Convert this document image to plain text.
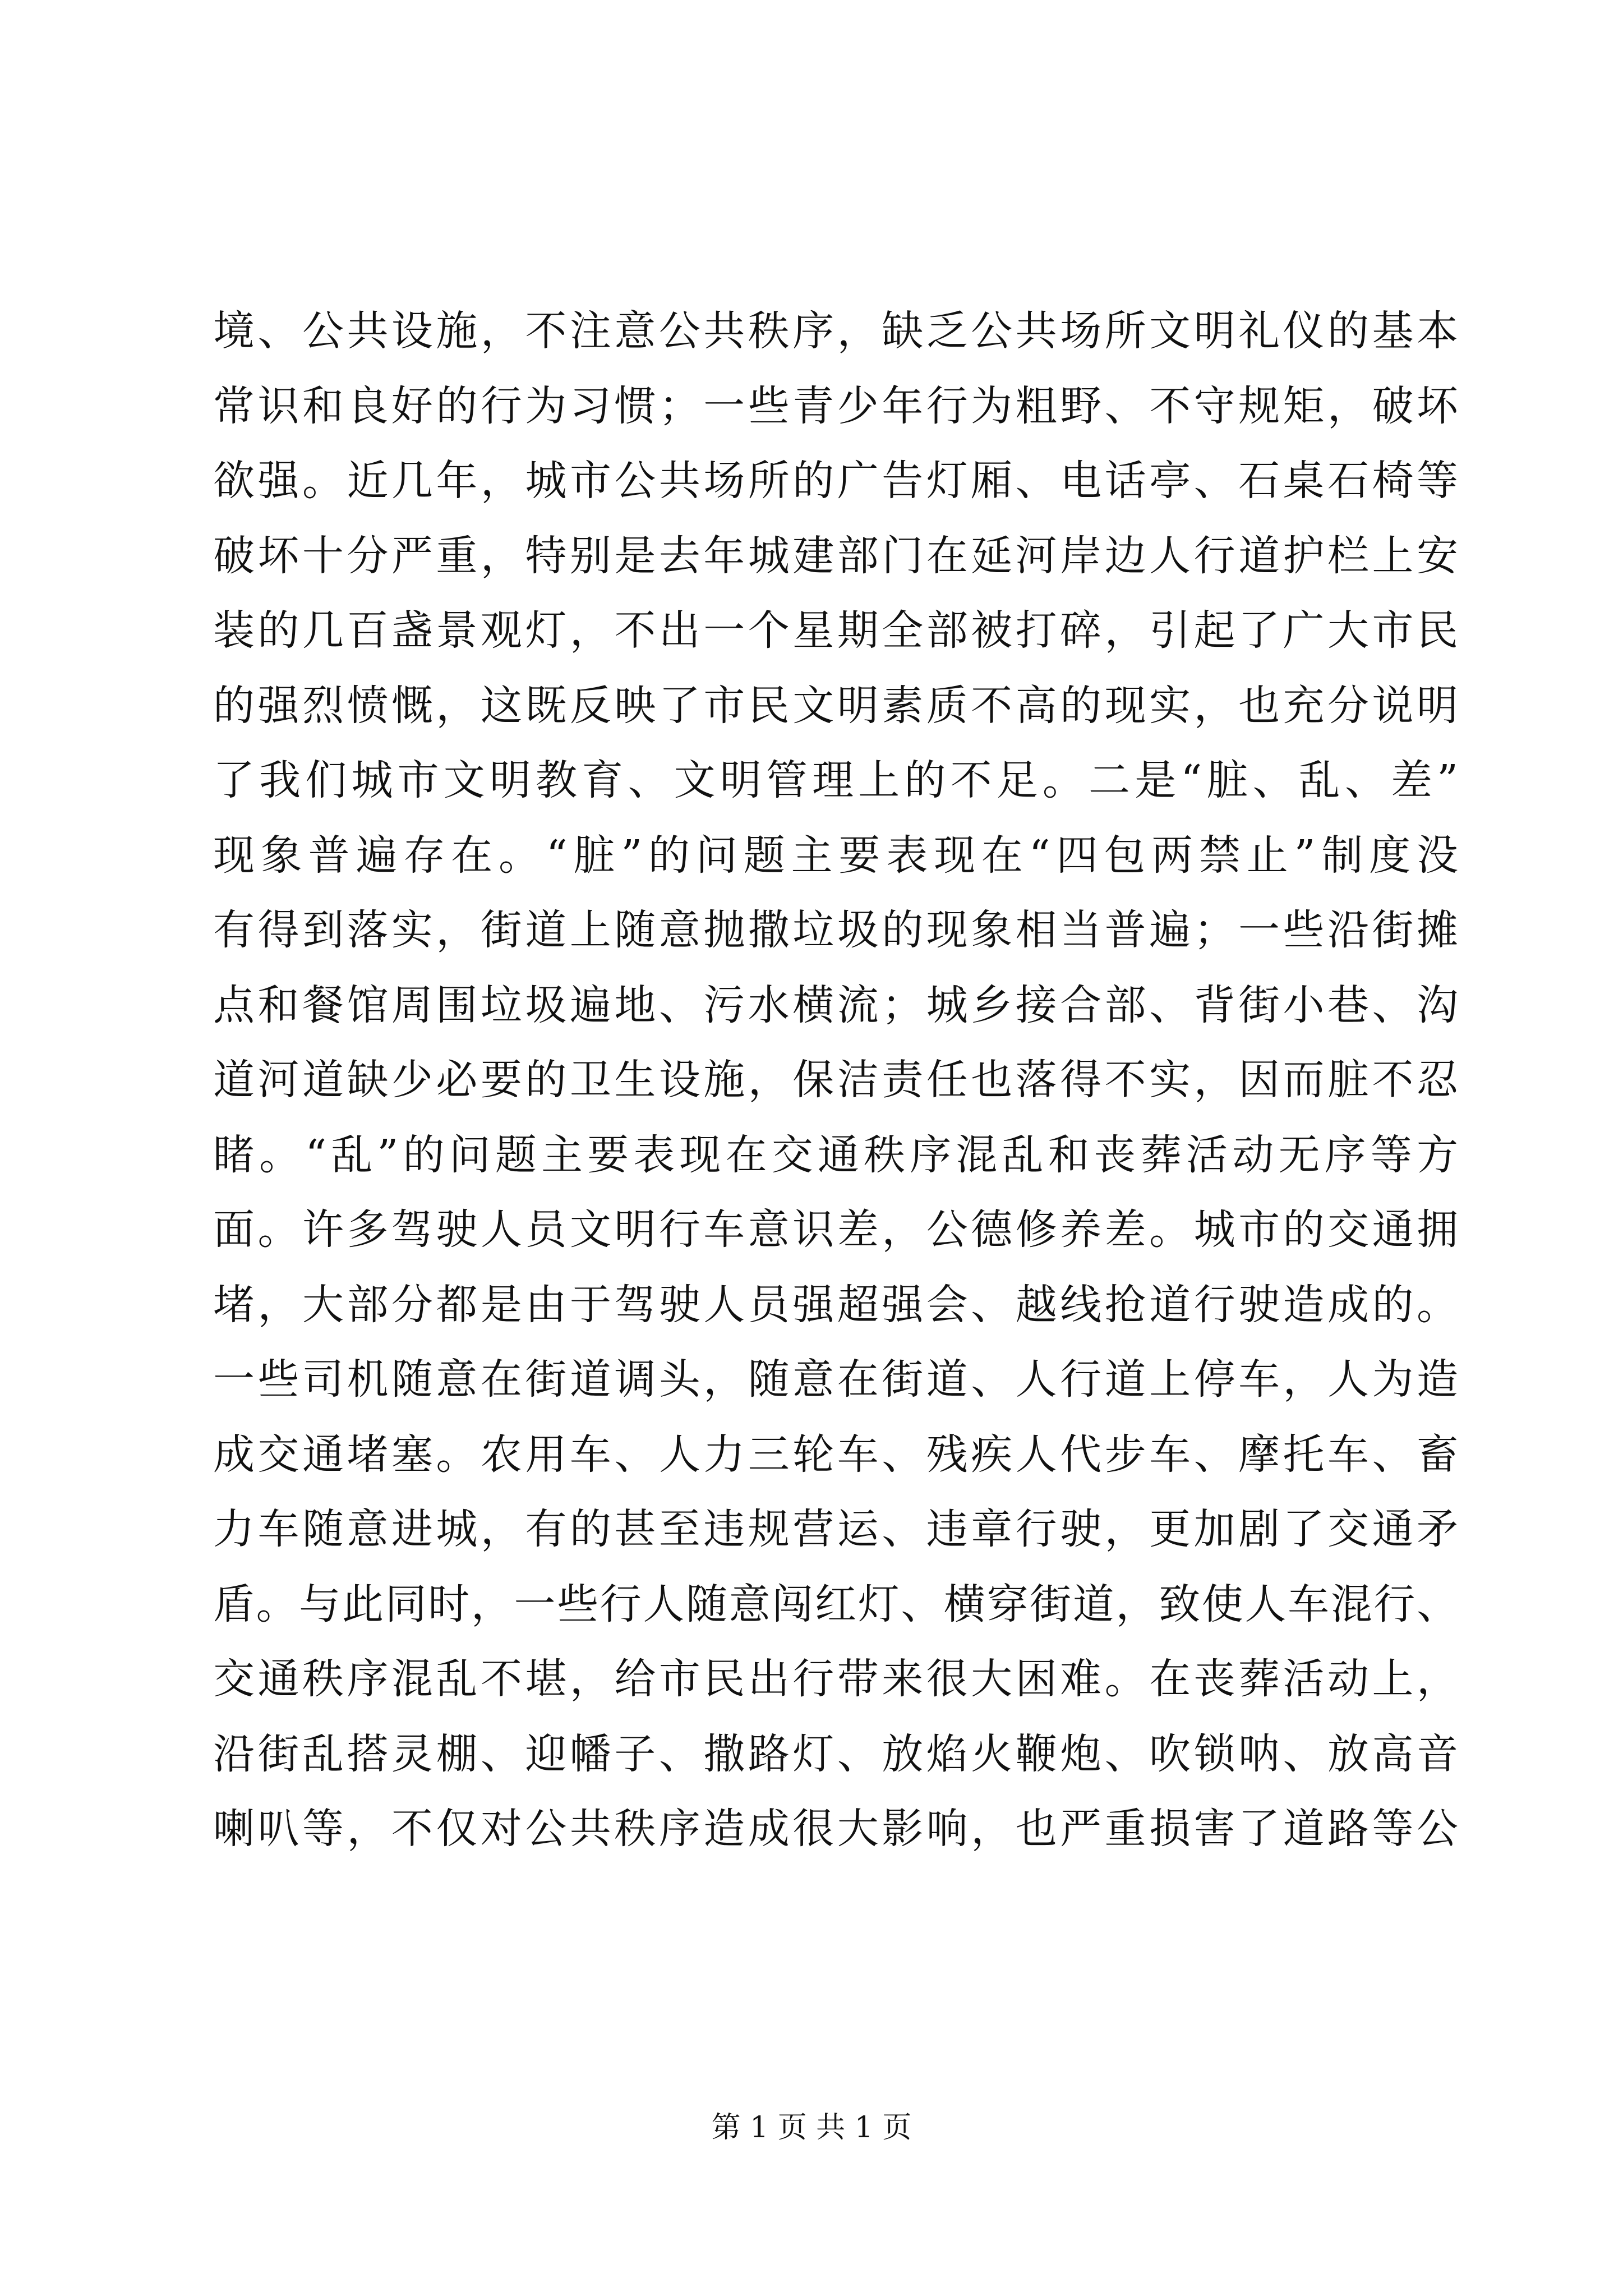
境、公共设施，不注意公共秩序，缺乏公共场所文明礼仪的基本
常识和良好的行为习惯；一些青少年行为粗野、不守规矩，破坏
欲强。近几年，城市公共场所的广告灯厢、电话亭、石桌石椅等
破坏十分严重，特别是去年城建部门在延河岸边人行道护栏上安
装的几百盏景观灯，不出一个星期全部被打碎，引起了广大市民
的强烈愤慨，这既反映了市民文明素质不高的现实，也充分说明
了我们城市文明教育、文明管理上的不足。二是“脏、乱、差”
现象普遍存在。“脏”的问题主要表现在“四包两禁止”制度没
有得到落实，街道上随意抛撒垃圾的现象相当普遍；一些沿街摊
点和餐馆周围垃圾遍地、污水横流；城乡接合部、背街小巷、沟
道河道缺少必要的卫生设施，保洁责任也落得不实，因而脏不忍
睹。“乱”的问题主要表现在交通秩序混乱和丧葬活动无序等方
面。许多驾驶人员文明行车意识差，公德修养差。城市的交通拥
堵，大部分都是由于驾驶人员强超强会、越线抢道行驶造成的。
一些司机随意在街道调头，随意在街道、人行道上停车，人为造
成交通堵塞。农用车、人力三轮车、残疾人代步车、摩托车、畜
力车随意进城，有的甚至违规营运、违章行驶，更加剧了交通矛
盾。与此同时，一些行人随意闯红灯、横穿街道，致使人车混行、
交通秩序混乱不堪，给市民出行带来很大困难。在丧葬活动上，
沿街乱搭灵棚、迎幡子、撒路灯、放焰火鞭炮、吹锁呐、放高音
喇叭等，不仅对公共秩序造成很大影响，也严重损害了道路等公
第 1 页 共 1 页
